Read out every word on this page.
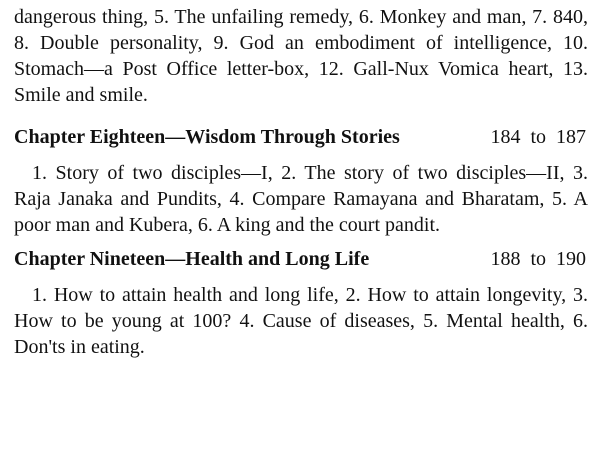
dangerous thing, 5. The unfailing remedy, 6. Monkey and man, 7. 840, 8. Double personality, 9. God an embodiment of intelligence, 10. Stomach—a Post Office letter-box, 12. Gall-Nux Vomica heart, 13. Smile and smile.

Chapter Eighteen—Wisdom Through Stories	184  to  187

1. Story of two disciples—I, 2. The story of two disciples—II, 3. Raja Janaka and Pundits, 4. Compare Ramayana and Bharatam, 5. A poor man and Kubera, 6. A king and the court pandit.

Chapter Nineteen—Health and Long Life	188  to  190

1. How to attain health and long life, 2. How to attain longevity, 3. How to be young at 100? 4. Cause of diseases, 5. Mental health, 6. Don'ts in eating.
